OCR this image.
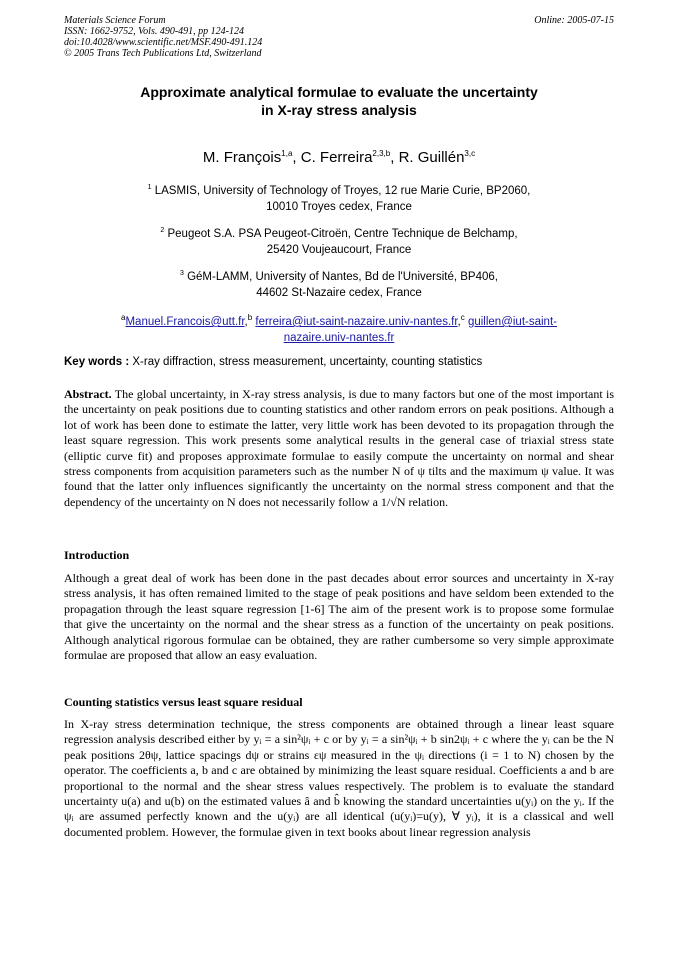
Materials Science Forum
ISSN: 1662-9752, Vols. 490-491, pp 124-124
doi:10.4028/www.scientific.net/MSF.490-491.124
© 2005 Trans Tech Publications Ltd, Switzerland
Online: 2005-07-15
Approximate analytical formulae to evaluate the uncertainty
in X-ray stress analysis
M. François$^{1,a}$, C. Ferreira$^{2,3,b}$, R. Guillén$^{3,c}$
$^1$ LASMIS, University of Technology of Troyes, 12 rue Marie Curie, BP2060,
10010 Troyes cedex, France
$^2$ Peugeot S.A. PSA Peugeot-Citroën, Centre Technique de Belchamp,
25420 Voujeaucourt, France
$^3$ GéM-LAMM, University of Nantes, Bd de l'Université, BP406,
44602 St-Nazaire cedex, France
$^a$Manuel.Francois@utt.fr,$^b$ ferreira@iut-saint-nazaire.univ-nantes.fr,$^c$ guillen@iut-saint-
nazaire.univ-nantes.fr
Key words : X-ray diffraction, stress measurement, uncertainty, counting statistics
Abstract. The global uncertainty, in X-ray stress analysis, is due to many factors but one of the most important is the uncertainty on peak positions due to counting statistics and other random errors on peak positions. Although a lot of work has been done to estimate the latter, very little work has been devoted to its propagation through the least square regression. This work presents some analytical results in the general case of triaxial stress state (elliptic curve fit) and proposes approximate formulae to easily compute the uncertainty on normal and shear stress components from acquisition parameters such as the number N of ψ tilts and the maximum ψ value. It was found that the latter only influences significantly the uncertainty on the normal stress component and that the dependency of the uncertainty on N does not necessarily follow a 1/√N relation.
Introduction
Although a great deal of work has been done in the past decades about error sources and uncertainty in X-ray stress analysis, it has often remained limited to the stage of peak positions and have seldom been extended to the propagation through the least square regression [1-6] The aim of the present work is to propose some formulae that give the uncertainty on the normal and the shear stress as a function of the uncertainty on peak positions. Although analytical rigorous formulae can be obtained, they are rather cumbersome so very simple approximate formulae are proposed that allow an easy evaluation.
Counting statistics versus least square residual
In X-ray stress determination technique, the stress components are obtained through a linear least square regression analysis described either by yᵢ = a sin²ψᵢ + c or by yᵢ = a sin²ψᵢ + b sin2ψᵢ + c where the yᵢ can be the N peak positions 2θψ, lattice spacings dψ or strains εψ measured in the ψᵢ directions (i = 1 to N) chosen by the operator. The coefficients a, b and c are obtained by minimizing the least square residual. Coefficients a and b are proportional to the normal and the shear stress values respectively. The problem is to evaluate the standard uncertainty u(a) and u(b) on the estimated values â and b̂ knowing the standard uncertainties u(yᵢ) on the yᵢ. If the ψᵢ are assumed perfectly known and the u(yᵢ) are all identical (u(yᵢ)=u(y), ∀ yᵢ), it is a classical and well documented problem. However, the formulae given in text books about linear regression analysis
